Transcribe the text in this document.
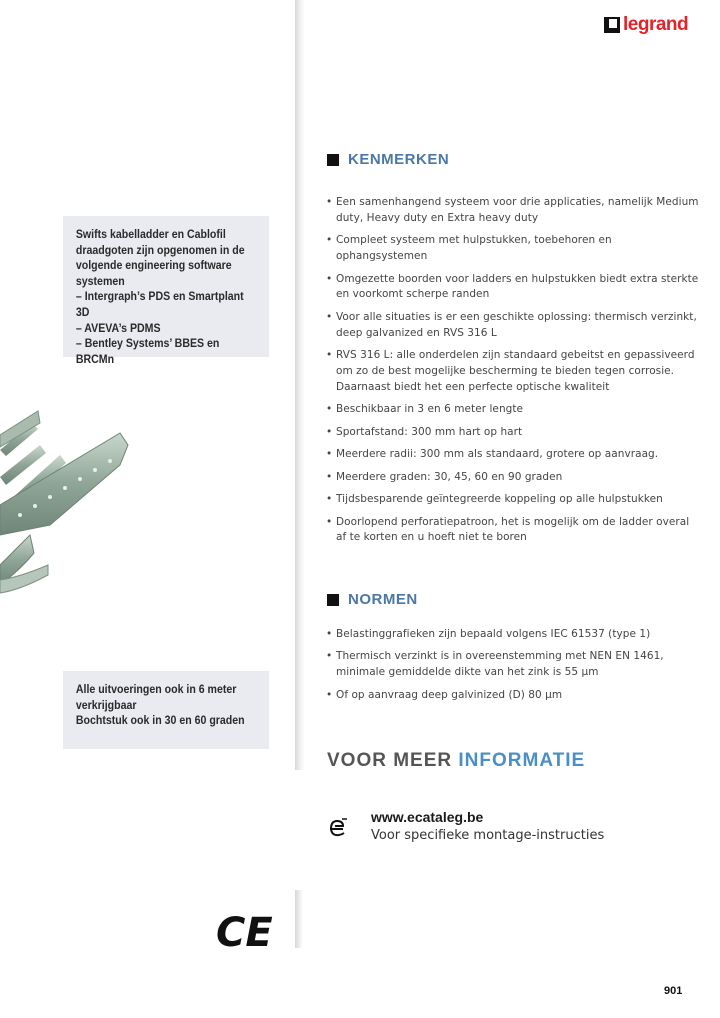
legrand

Swifts kabelladder en Cablofil

draadgoten zijn opgenomen in de

volgende engineering software

systemen

– Intergraph’s PDS en Smartplant 3D

– AVEVA’s PDMS

– Bentley Systems’ BBES en BRCMn

Alle uitvoeringen ook in 6 meter

verkrijgbaar

Bochtstuk ook in 30 en 60 graden

CE
KENMERKEN
• Een samenhangend systeem voor drie applicaties, namelijk Medium duty, Heavy duty en Extra heavy duty
• Compleet systeem met hulpstukken, toebehoren en ophangsystemen
• Omgezette boorden voor ladders en hulpstukken biedt extra sterkte en voorkomt scherpe randen
• Voor alle situaties is er een geschikte oplossing: thermisch verzinkt, deep galvanized en RVS 316 L
• RVS 316 L: alle onderdelen zijn standaard gebeitst en gepassiveerd om zo de best mogelijke bescherming te bieden tegen corrosie. Daarnaast biedt het een perfecte optische kwaliteit
• Beschikbaar in 3 en 6 meter lengte
• Sportafstand: 300 mm hart op hart
• Meerdere radii: 300 mm als standaard, grotere op aanvraag.
• Meerdere graden: 30, 45, 60 en 90 graden
• Tijdsbesparende geïntegreerde koppeling op alle hulpstukken
• Doorlopend perforatiepatroon, het is mogelijk om de ladder overal af te korten en u hoeft niet te boren
NORMEN
• Belastinggrafieken zijn bepaald volgens IEC 61537 (type 1)
• Thermisch verzinkt is in overeenstemming met NEN EN 1461, minimale gemiddelde dikte van het zink is 55 µm
• Of op aanvraag deep galvinized (D) 80 µm
VOOR MEER INFORMATIE
www.ecataleg.be
Voor specifieke montage-instructies
901
